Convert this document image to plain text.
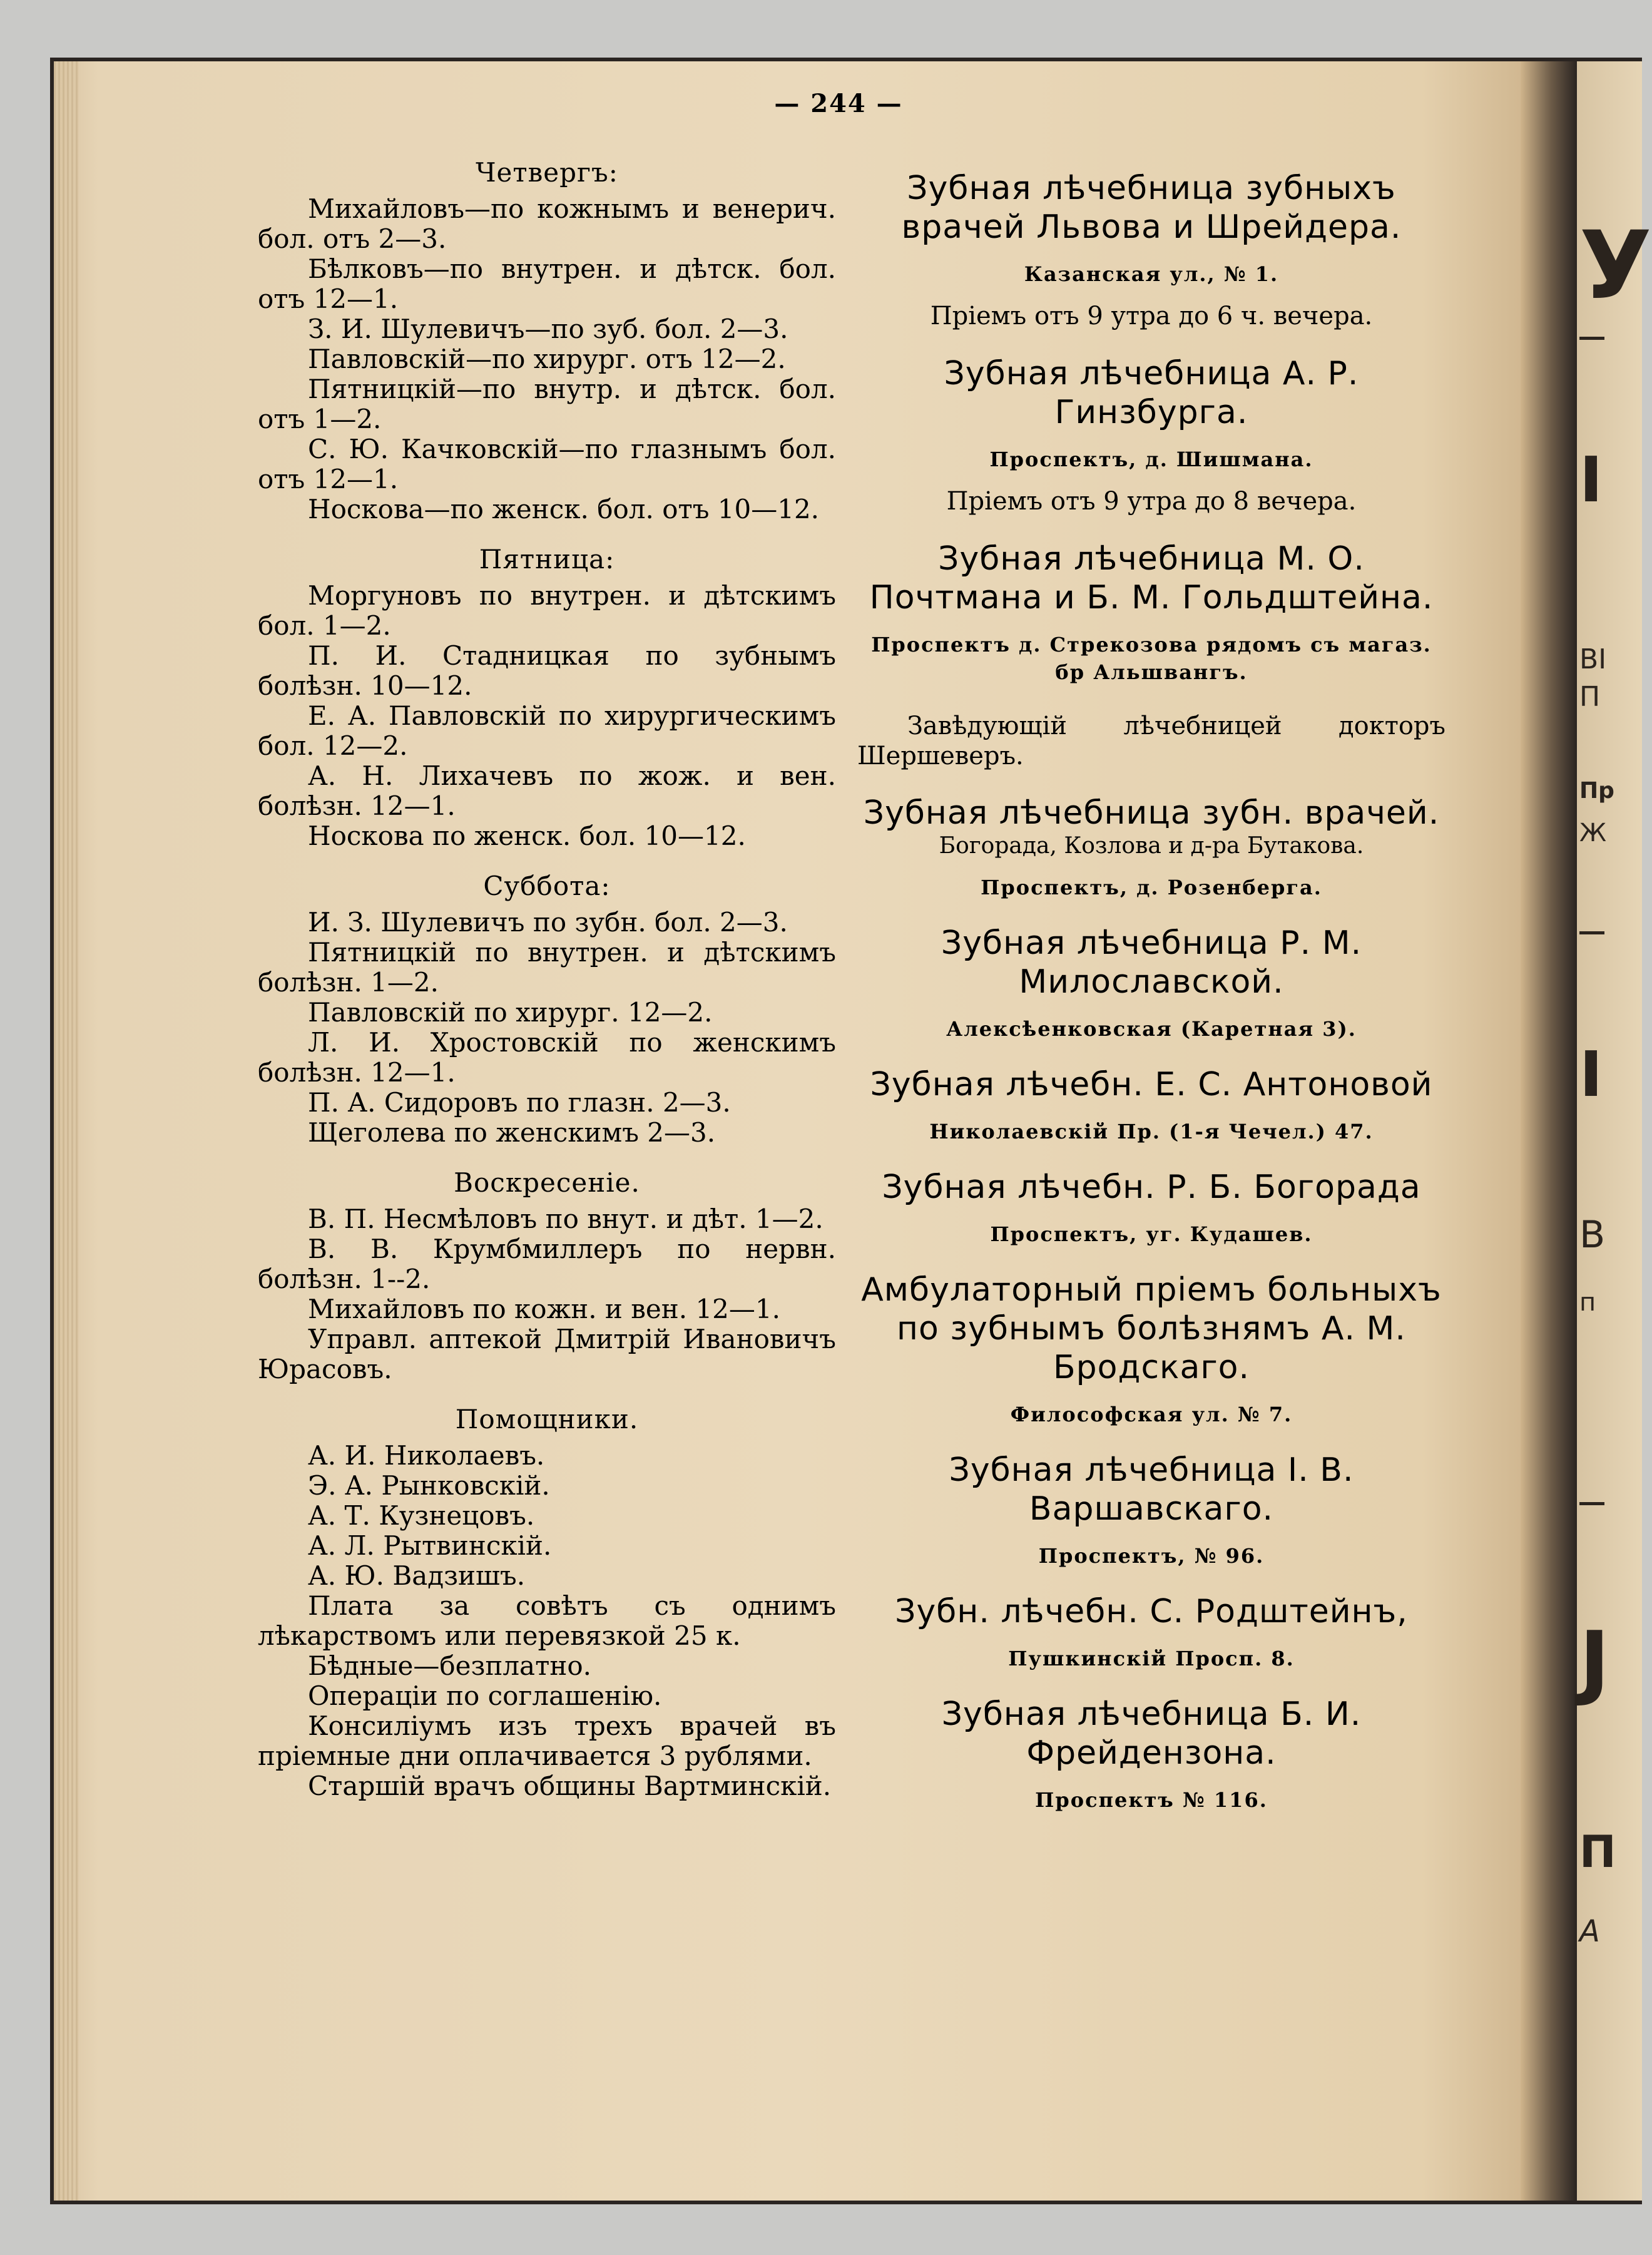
У
І
ВІ
П
Пр
Ж
І
В
п
Ј
П
А
— 244 —
Четвергъ:

Михайловъ—по кожнымъ и венерич. бол. отъ 2—3.

Бѣлковъ—по внутрен. и дѣтск. бол. отъ 12—1.

З. И. Шулевичъ—по зуб. бол. 2—3.

Павловскій—по хирург. отъ 12—2.

Пятницкій—по внутр. и дѣтск. бол. отъ 1—2.

С. Ю. Качковскій—по глазнымъ бол. отъ 12—1.

Носкова—по женск. бол. отъ 10—12.

Пятница:

Моргуновъ по внутрен. и дѣтскимъ бол. 1—2.

П. И. Стадницкая по зубнымъ болѣзн. 10—12.

Е. А. Павловскій по хирургическимъ бол. 12—2.

А. Н. Лихачевъ по жож. и вен. болѣзн. 12—1.

Носкова по женск. бол. 10—12.

Суббота:

И. З. Шулевичъ по зубн. бол. 2—3.

Пятницкій по внутрен. и дѣтскимъ болѣзн. 1—2.

Павловскій по хирург. 12—2.

Л. И. Хростовскій по женскимъ болѣзн. 12—1.

П. А. Сидоровъ по глазн. 2—3.

Щеголева по женскимъ 2—3.

Воскресеніе.

В. П. Несмѣловъ по внут. и дѣт. 1—2.

В. В. Крумбмиллеръ по нервн. болѣзн. 1--2.

Михайловъ по кожн. и вен. 12—1.

Управл. аптекой Дмитрій Ивановичъ Юрасовъ.

Помощники.

А. И. Николаевъ.

Э. А. Рынковскій.

А. Т. Кузнецовъ.

А. Л. Рытвинскій.

А. Ю. Вадзишъ.

Плата за совѣтъ съ однимъ лѣкарствомъ или перевязкой 25 к.

Бѣдные—безплатно.

Операціи по соглашенію.

Консиліумъ изъ трехъ врачей въ пріемные дни оплачивается 3 рублями.

Старшій врачъ общины Вартминскій.

Зубная лѣчебница зубныхъ врачей Львова и Шрейдера.
Казанская ул., № 1.
Пріемъ отъ 9 утра до 6 ч. вечера.
Зубная лѣчебница А. Р. Гинзбурга.
Проспектъ, д. Шишмана.
Пріемъ отъ 9 утра до 8 вечера.
Зубная лѣчебница М. О. Почтмана и Б. М. Гольдштейна.
Проспектъ д. Стрекозова рядомъ съ магаз. бр Альшвангъ.
Завѣдующій лѣчебницей докторъ Шершеверъ.
Зубная лѣчебница зубн. врачей.
Богорада, Козлова и д-ра Бутакова.
Проспектъ, д. Розенберга.
Зубная лѣчебница Р. М. Милославской.
Алексѣенковская (Каретная 3).
Зубная лѣчебн. Е. С. Антоновой
Николаевскій Пр. (1-я Чечел.) 47.
Зубная лѣчебн. Р. Б. Богорада
Проспектъ, уг. Кудашев.
Амбулаторный пріемъ больныхъ по зубнымъ болѣзнямъ А. М. Бродскаго.
Философская ул. № 7.
Зубная лѣчебница І. В. Варшавскаго.
Проспектъ, № 96.
Зубн. лѣчебн. С. Родштейнъ,
Пушкинскій Просп. 8.
Зубная лѣчебница Б. И. Фрейдензона.
Проспектъ № 116.
